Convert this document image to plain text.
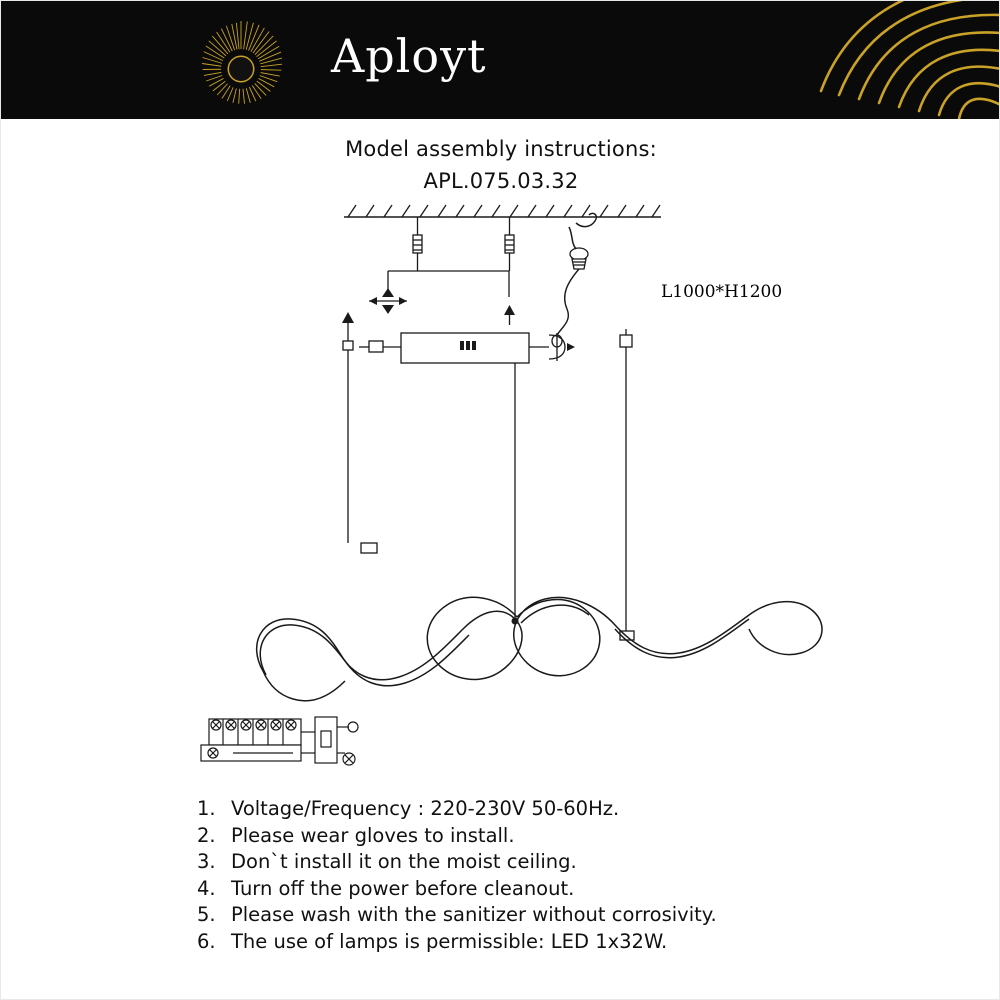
Aployt
Model assembly instructions:
APL.075.03.32
L1000*H1200
1. Voltage/Frequency : 220-230V 50-60Hz.
2. Please wear gloves to install.
3. Don`t install it on the moist ceiling.
4. Turn off the power before cleanout.
5. Please wash with the sanitizer without corrosivity.
6. The use of lamps is permissible: LED 1x32W.
